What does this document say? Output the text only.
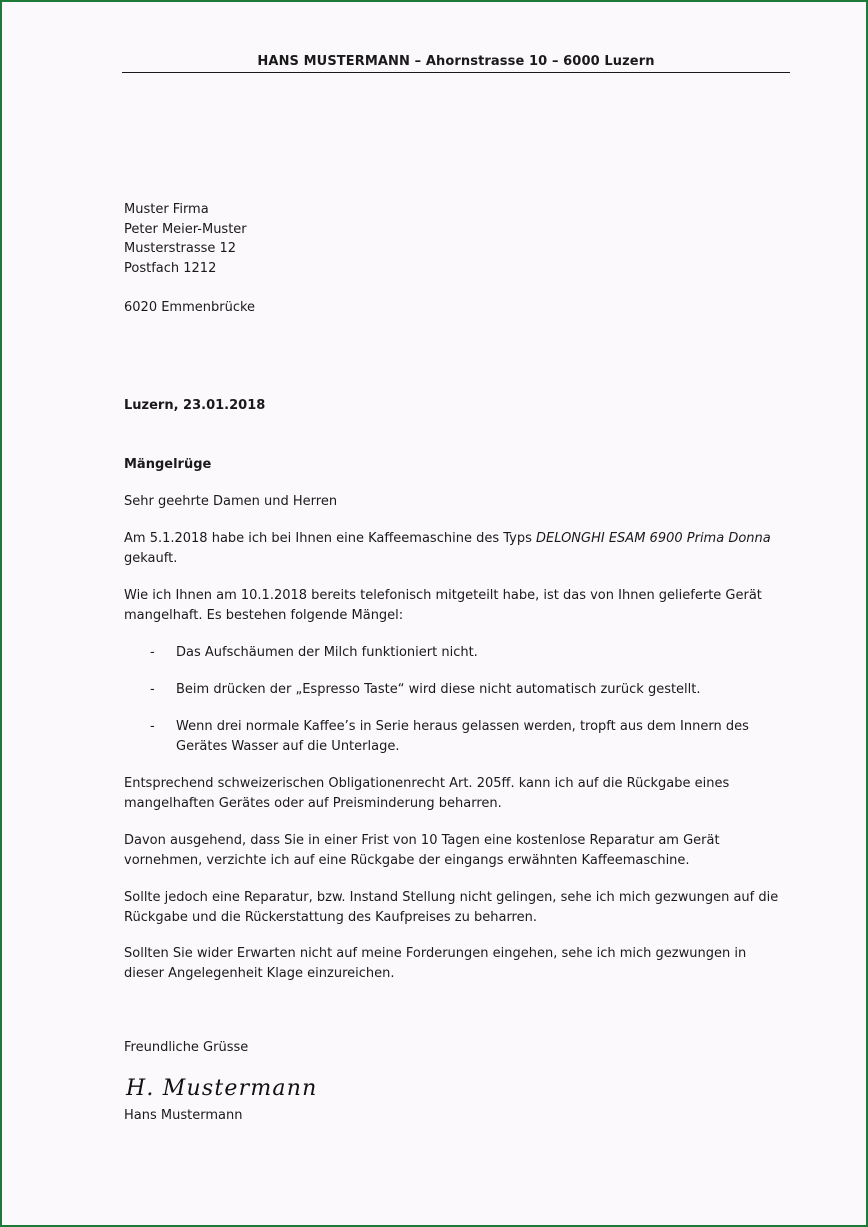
HANS MUSTERMANN – Ahornstrasse 10 – 6000 Luzern
Muster Firma
Peter Meier-Muster
Musterstrasse 12
Postfach 1212
6020 Emmenbrücke
Luzern, 23.01.2018
Mängelrüge
Sehr geehrte Damen und Herren
Am 5.1.2018 habe ich bei Ihnen eine Kaffeemaschine des Typs DELONGHI ESAM 6900 Prima Donna
gekauft.
Wie ich Ihnen am 10.1.2018 bereits telefonisch mitgeteilt habe, ist das von Ihnen gelieferte Gerät
mangelhaft. Es bestehen folgende Mängel:
- Das Aufschäumen der Milch funktioniert nicht.
- Beim drücken der „Espresso Taste“ wird diese nicht automatisch zurück gestellt.
- Wenn drei normale Kaffee’s in Serie heraus gelassen werden, tropft aus dem Innern des
Gerätes Wasser auf die Unterlage.
Entsprechend schweizerischen Obligationenrecht Art. 205ff. kann ich auf die Rückgabe eines
mangelhaften Gerätes oder auf Preisminderung beharren.
Davon ausgehend, dass Sie in einer Frist von 10 Tagen eine kostenlose Reparatur am Gerät
vornehmen, verzichte ich auf eine Rückgabe der eingangs erwähnten Kaffeemaschine.
Sollte jedoch eine Reparatur, bzw. Instand Stellung nicht gelingen, sehe ich mich gezwungen auf die
Rückgabe und die Rückerstattung des Kaufpreises zu beharren.
Sollten Sie wider Erwarten nicht auf meine Forderungen eingehen, sehe ich mich gezwungen in
dieser Angelegenheit Klage einzureichen.
Freundliche Grüsse
H. Mustermann
Hans Mustermann
